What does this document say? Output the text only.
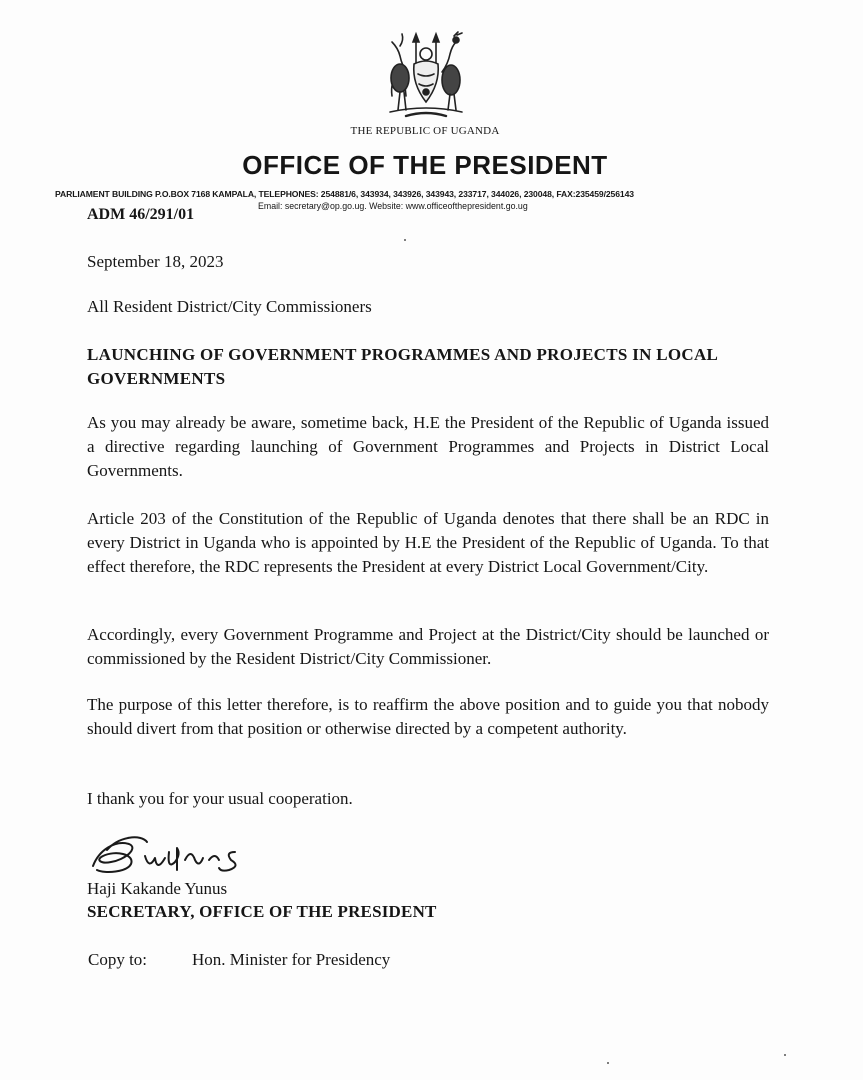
THE REPUBLIC OF UGANDA
OFFICE OF THE PRESIDENT
PARLIAMENT BUILDING P.O.BOX 7168 KAMPALA, TELEPHONES: 254881/6, 343934, 343926, 343943, 233717, 344026, 230048, FAX:235459/256143
Email: secretary@op.go.ug. Website: www.officeofthepresident.go.ug
ADM 46/291/01
September 18, 2023
All Resident District/City Commissioners
LAUNCHING OF GOVERNMENT PROGRAMMES AND PROJECTS IN LOCAL GOVERNMENTS
As you may already be aware, sometime back, H.E the President of the Republic of Uganda issued a directive regarding launching of Government Programmes and Projects in District Local Governments.
Article 203 of the Constitution of the Republic of Uganda denotes that there shall be an RDC in every District in Uganda who is appointed by H.E the President of the Republic of Uganda. To that effect therefore, the RDC represents the President at every District Local Government/City.
Accordingly, every Government Programme and Project at the District/City should be launched or commissioned by the Resident District/City Commissioner.
The purpose of this letter therefore, is to reaffirm the above position and to guide you that nobody should divert from that position or otherwise directed by a competent authority.
I thank you for your usual cooperation.
Haji Kakande Yunus
SECRETARY, OFFICE OF THE PRESIDENT
Copy to:	Hon. Minister for Presidency
